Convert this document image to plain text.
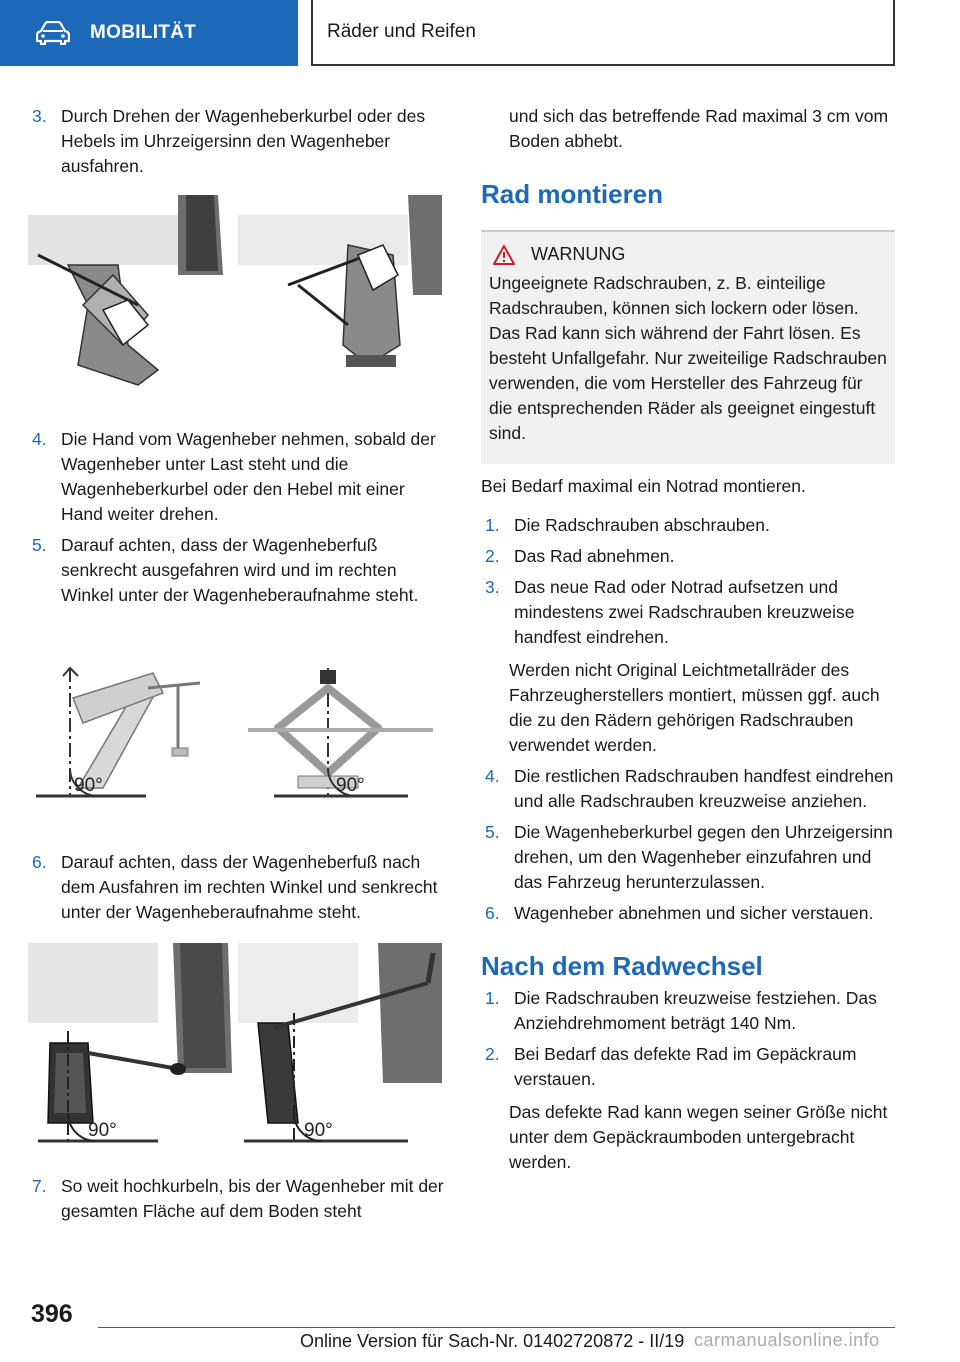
MOBILITÄT	Räder und Reifen
3. Durch Drehen der Wagenheberkurbel oder des Hebels im Uhrzeigersinn den Wagenheber ausfahren.
4. Die Hand vom Wagenheber nehmen, sobald der Wagenheber unter Last steht und die Wagenheberkurbel oder den Hebel mit einer Hand weiter drehen.
5. Darauf achten, dass der Wagenheberfuß senkrecht ausgefahren wird und im rechten Winkel unter der Wagenheberaufnahme steht.
90°	90°
6. Darauf achten, dass der Wagenheberfuß nach dem Ausfahren im rechten Winkel und senkrecht unter der Wagenheberaufnahme steht.
90°	90°
7. So weit hochkurbeln, bis der Wagenheber mit der gesamten Fläche auf dem Boden steht

und sich das betreffende Rad maximal 3 cm vom Boden abhebt.

Rad montieren
WARNUNG

Ungeeignete Radschrauben, z. B. einteilige Radschrauben, können sich lockern oder lösen. Das Rad kann sich während der Fahrt lösen. Es besteht Unfallgefahr. Nur zweiteilige Radschrauben verwenden, die vom Hersteller des Fahrzeug für die entsprechenden Räder als geeignet eingestuft sind.

Bei Bedarf maximal ein Notrad montieren.

1. Die Radschrauben abschrauben.
2. Das Rad abnehmen.
3. Das neue Rad oder Notrad aufsetzen und mindestens zwei Radschrauben kreuzweise handfest eindrehen.

Werden nicht Original Leichtmetallräder des Fahrzeugherstellers montiert, müssen ggf. auch die zu den Rädern gehörigen Radschrauben verwendet werden.

4. Die restlichen Radschrauben handfest eindrehen und alle Radschrauben kreuzweise anziehen.
5. Die Wagenheberkurbel gegen den Uhrzeigersinn drehen, um den Wagenheber einzufahren und das Fahrzeug herunterzulassen.
6. Wagenheber abnehmen und sicher verstauen.
Nach dem Radwechsel
1. Die Radschrauben kreuzweise festziehen. Das Anziehdrehmoment beträgt 140 Nm.
2. Bei Bedarf das defekte Rad im Gepäckraum verstauen.

Das defekte Rad kann wegen seiner Größe nicht unter dem Gepäckraumboden untergebracht werden.

396
Online Version für Sach-Nr. 01402720872 - II/19 carmanualsonline.info
